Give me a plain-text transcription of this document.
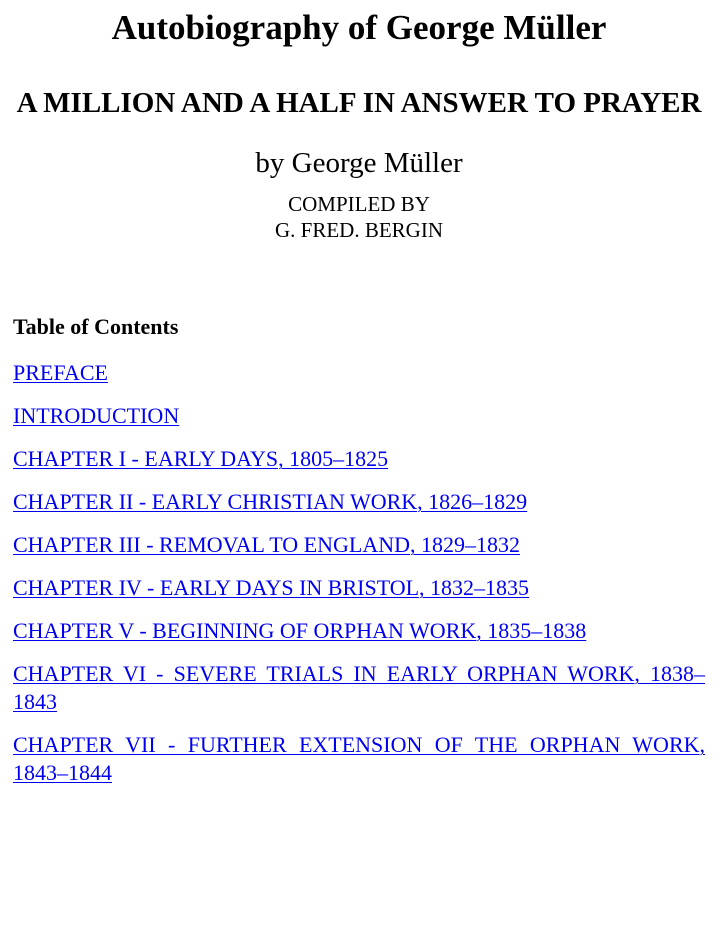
Autobiography of George Müller
A MILLION AND A HALF IN ANSWER TO PRAYER
by George Müller
COMPILED BY
G. FRED. BERGIN
Table of Contents
PREFACE
INTRODUCTION
CHAPTER I - EARLY DAYS, 1805–1825
CHAPTER II - EARLY CHRISTIAN WORK, 1826–1829
CHAPTER III - REMOVAL TO ENGLAND, 1829–1832
CHAPTER IV - EARLY DAYS IN BRISTOL, 1832–1835
CHAPTER V - BEGINNING OF ORPHAN WORK, 1835–1838
CHAPTER VI - SEVERE TRIALS IN EARLY ORPHAN WORK, 1838–1843
CHAPTER VII - FURTHER EXTENSION OF THE ORPHAN WORK, 1843–1844
